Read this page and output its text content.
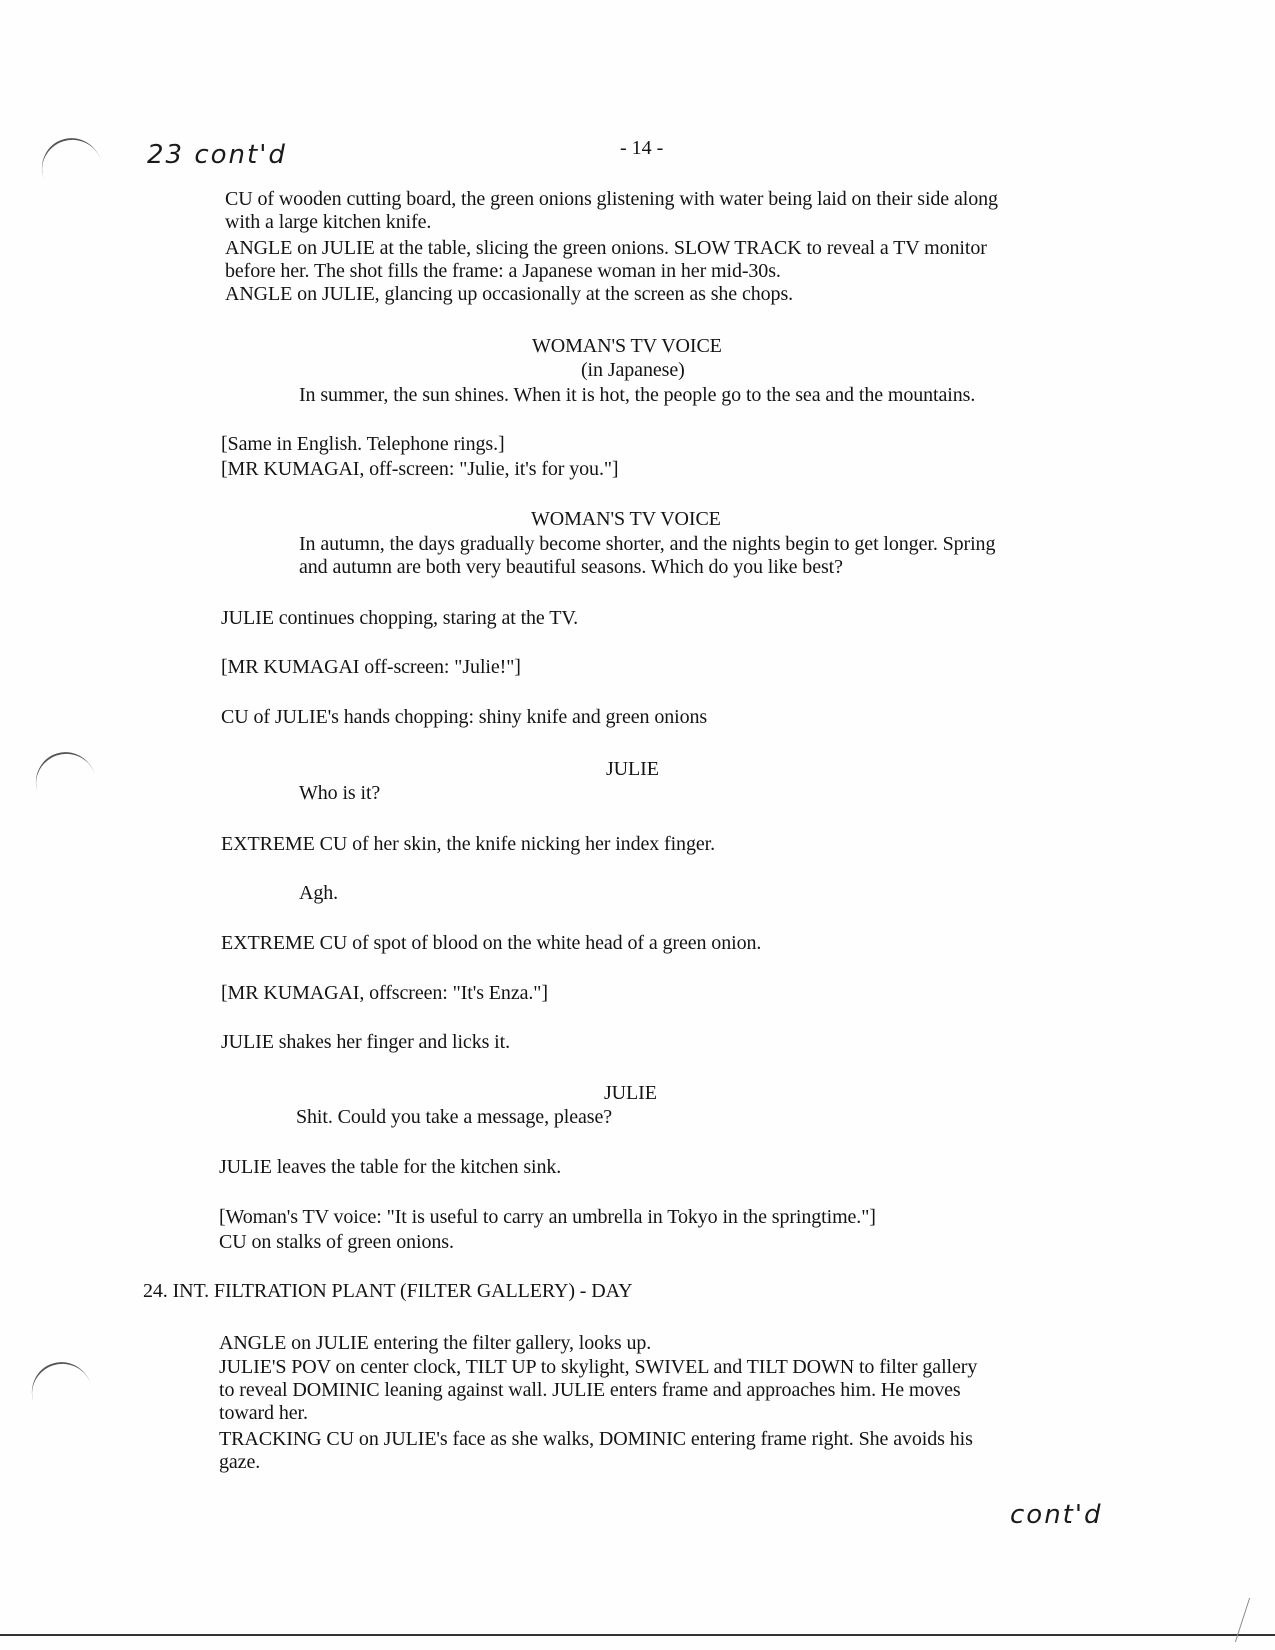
23 cont'd	- 14 -
CU of wooden cutting board, the green onions glistening with water being laid on their side along
with a large kitchen knife.
ANGLE on JULIE at the table, slicing the green onions. SLOW TRACK to reveal a TV monitor
before her. The shot fills the frame: a Japanese woman in her mid-30s.
ANGLE on JULIE, glancing up occasionally at the screen as she chops.
WOMAN'S TV VOICE
(in Japanese)
In summer, the sun shines. When it is hot, the people go to the sea and the mountains.
[Same in English. Telephone rings.]
[MR KUMAGAI, off-screen: "Julie, it's for you."]
WOMAN'S TV VOICE
In autumn, the days gradually become shorter, and the nights begin to get longer. Spring
and autumn are both very beautiful seasons. Which do you like best?
JULIE continues chopping, staring at the TV.
[MR KUMAGAI off-screen: "Julie!"]
CU of JULIE's hands chopping: shiny knife and green onions
JULIE
Who is it?
EXTREME CU of her skin, the knife nicking her index finger.
Agh.
EXTREME CU of spot of blood on the white head of a green onion.
[MR KUMAGAI, offscreen: "It's Enza."]
JULIE shakes her finger and licks it.
JULIE
Shit. Could you take a message, please?
JULIE leaves the table for the kitchen sink.
[Woman's TV voice: "It is useful to carry an umbrella in Tokyo in the springtime."]
CU on stalks of green onions.
24. INT. FILTRATION PLANT (FILTER GALLERY) - DAY
ANGLE on JULIE entering the filter gallery, looks up.
JULIE'S POV on center clock, TILT UP to skylight, SWIVEL and TILT DOWN to filter gallery
to reveal DOMINIC leaning against wall. JULIE enters frame and approaches him. He moves
toward her.
TRACKING CU on JULIE's face as she walks, DOMINIC entering frame right. She avoids his
gaze.
cont'd
